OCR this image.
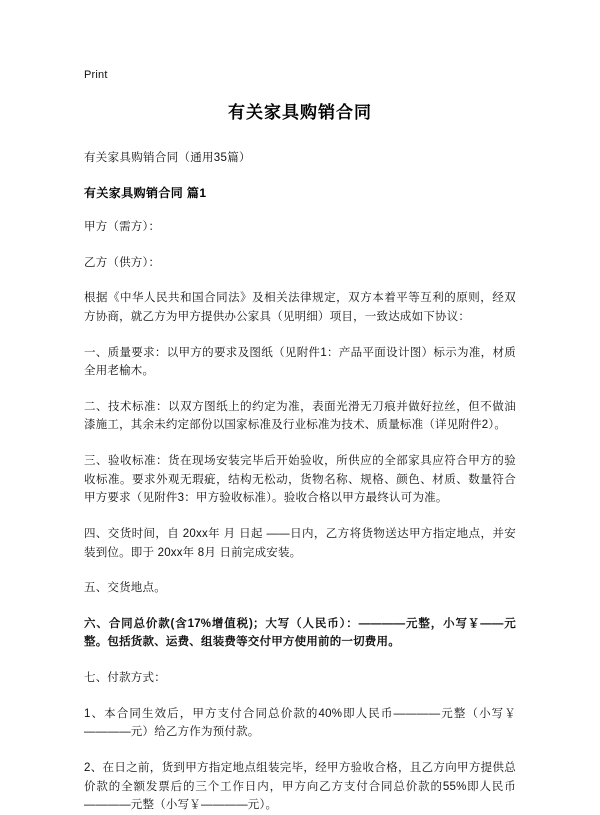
Print
有关家具购销合同
有关家具购销合同（通用35篇）
有关家具购销合同 篇1

甲方（需方）：

乙方（供方）：

根据《中华人民共和国合同法》及相关法律规定，双方本着平等互利的原则，经双方协商，就乙方为甲方提供办公家具（见明细）项目，一致达成如下协议：

一、质量要求：以甲方的要求及图纸（见附件1：产品平面设计图）标示为准，材质全用老榆木。

二、技术标准：以双方图纸上的约定为准，表面光滑无刀痕并做好拉丝，但不做油漆施工，其余未约定部份以国家标准及行业标准为技术、质量标准（详见附件2）。

三、验收标准：货在现场安装完毕后开始验收，所供应的全部家具应符合甲方的验收标准。要求外观无瑕疵，结构无松动，货物名称、规格、颜色、材质、数量符合甲方要求（见附件3：甲方验收标准）。验收合格以甲方最终认可为准。

四、交货时间，自 20xx年 月 日起 ——日内，乙方将货物送达甲方指定地点，并安装到位。即于 20xx年 8月 日前完成安装。

五、交货地点。

六、合同总价款(含17%增值税)；大写（人民币）：————元整，小写￥——元整。包括货款、运费、组装费等交付甲方使用前的一切费用。

七、付款方式：

1、本合同生效后，甲方支付合同总价款的40%即人民币————元整（小写￥————元）给乙方作为预付款。

2、在日之前，货到甲方指定地点组装完毕，经甲方验收合格，且乙方向甲方提供总价款的全额发票后的三个工作日内，甲方向乙方支付合同总价款的55%即人民币————元整（小写￥————元）。
